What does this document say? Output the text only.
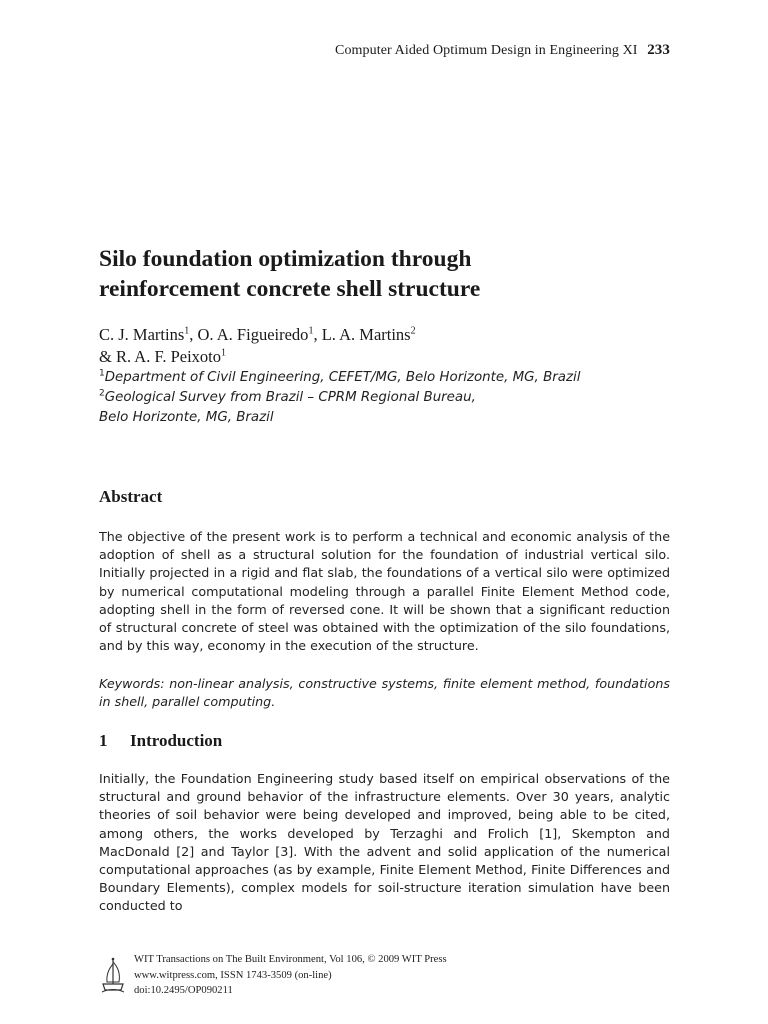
Computer Aided Optimum Design in Engineering XI 233
Silo foundation optimization through
reinforcement concrete shell structure
C. J. Martins$^1$, O. A. Figueiredo$^1$, L. A. Martins$^2$
& R. A. F. Peixoto$^1$
$^1$Department of Civil Engineering, CEFET/MG, Belo Horizonte, MG, Brazil
$^2$Geological Survey from Brazil – CPRM Regional Bureau,
Belo Horizonte, MG, Brazil
Abstract

The objective of the present work is to perform a technical and economic analysis of the adoption of shell as a structural solution for the foundation of industrial vertical silo. Initially projected in a rigid and flat slab, the foundations of a vertical silo were optimized by numerical computational modeling through a parallel Finite Element Method code, adopting shell in the form of reversed cone. It will be shown that a significant reduction of structural concrete of steel was obtained with the optimization of the silo foundations, and by this way, economy in the execution of the structure.

Keywords: non-linear analysis, constructive systems, finite element method, foundations in shell, parallel computing.
1 Introduction

Initially, the Foundation Engineering study based itself on empirical observations of the structural and ground behavior of the infrastructure elements. Over 30 years, analytic theories of soil behavior were being developed and improved, being able to be cited, among others, the works developed by Terzaghi and Frolich [1], Skempton and MacDonald [2] and Taylor [3]. With the advent and solid application of the numerical computational approaches (as by example, Finite Element Method, Finite Differences and Boundary Elements), complex models for soil-structure iteration simulation have been conducted to

WIT Transactions on The Built Environment, Vol 106, © 2009 WIT Press
www.witpress.com, ISSN 1743-3509 (on-line)
doi:10.2495/OP090211
